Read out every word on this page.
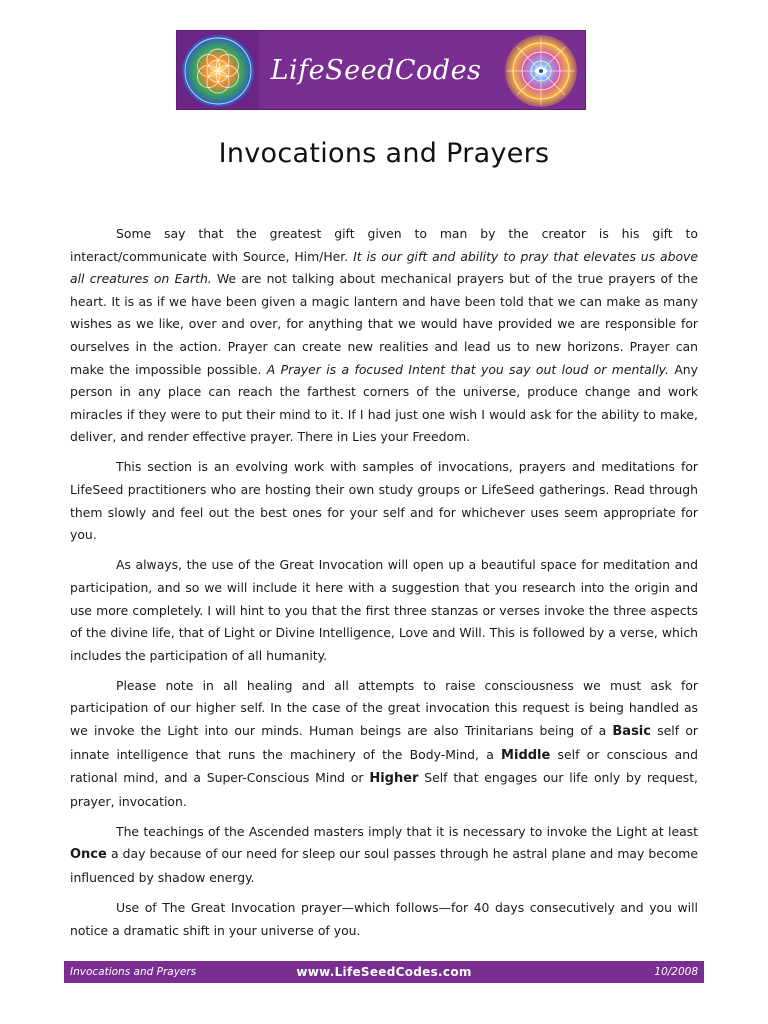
LifeSeedCodes
Invocations and Prayers

Some say that the greatest gift given to man by the creator is his gift to interact/communicate with Source, Him/Her. It is our gift and ability to pray that elevates us above all creatures on Earth. We are not talking about mechanical prayers but of the true prayers of the heart. It is as if we have been given a magic lantern and have been told that we can make as many wishes as we like, over and over, for anything that we would have provided we are responsible for ourselves in the action. Prayer can create new realities and lead us to new horizons. Prayer can make the impossible possible. A Prayer is a focused Intent that you say out loud or mentally. Any person in any place can reach the farthest corners of the universe, produce change and work miracles if they were to put their mind to it. If I had just one wish I would ask for the ability to make, deliver, and render effective prayer. There in Lies your Freedom.

This section is an evolving work with samples of invocations, prayers and meditations for LifeSeed practitioners who are hosting their own study groups or LifeSeed gatherings. Read through them slowly and feel out the best ones for your self and for whichever uses seem appropriate for you.

As always, the use of the Great Invocation will open up a beautiful space for meditation and participation, and so we will include it here with a suggestion that you research into the origin and use more completely. I will hint to you that the first three stanzas or verses invoke the three aspects of the divine life, that of Light or Divine Intelligence, Love and Will. This is followed by a verse, which includes the participation of all humanity.

Please note in all healing and all attempts to raise consciousness we must ask for participation of our higher self. In the case of the great invocation this request is being handled as we invoke the Light into our minds. Human beings are also Trinitarians being of a Basic self or innate intelligence that runs the machinery of the Body-Mind, a Middle self or conscious and rational mind, and a Super-Conscious Mind or Higher Self that engages our life only by request, prayer, invocation.

The teachings of the Ascended masters imply that it is necessary to invoke the Light at least Once a day because of our need for sleep our soul passes through he astral plane and may become influenced by shadow energy.

Use of The Great Invocation prayer—which follows—for 40 days consecutively and you will notice a dramatic shift in your universe of you.

Invocations and Prayers	www.LifeSeedCodes.com	10/2008
